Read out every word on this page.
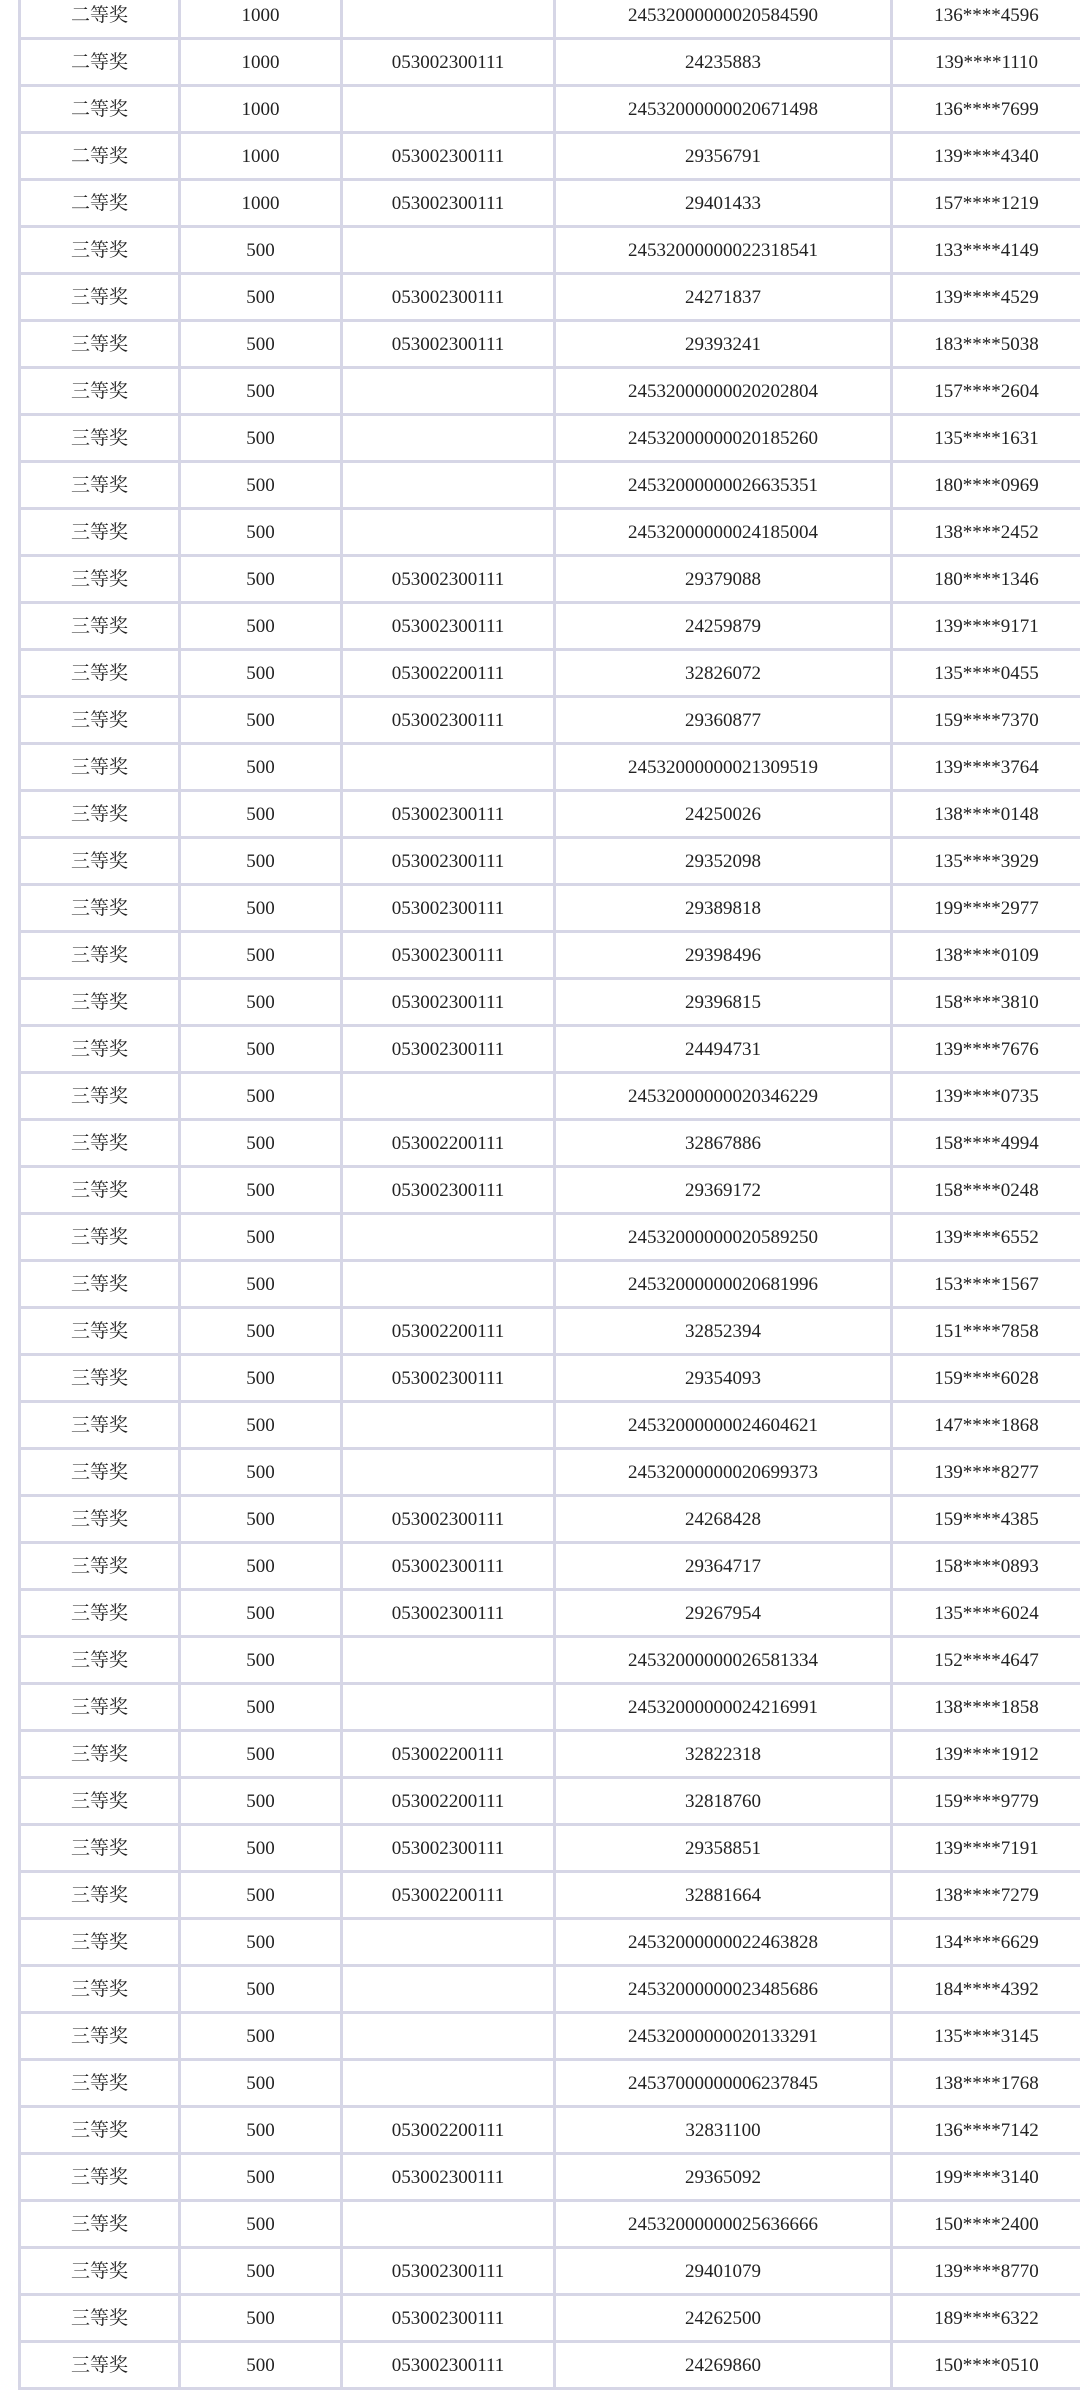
二等奖	1000		24532000000020584590	136****4596
二等奖	1000	053002300111	24235883	139****1110
二等奖	1000		24532000000020671498	136****7699
二等奖	1000	053002300111	29356791	139****4340
二等奖	1000	053002300111	29401433	157****1219
三等奖	500		24532000000022318541	133****4149
三等奖	500	053002300111	24271837	139****4529
三等奖	500	053002300111	29393241	183****5038
三等奖	500		24532000000020202804	157****2604
三等奖	500		24532000000020185260	135****1631
三等奖	500		24532000000026635351	180****0969
三等奖	500		24532000000024185004	138****2452
三等奖	500	053002300111	29379088	180****1346
三等奖	500	053002300111	24259879	139****9171
三等奖	500	053002200111	32826072	135****0455
三等奖	500	053002300111	29360877	159****7370
三等奖	500		24532000000021309519	139****3764
三等奖	500	053002300111	24250026	138****0148
三等奖	500	053002300111	29352098	135****3929
三等奖	500	053002300111	29389818	199****2977
三等奖	500	053002300111	29398496	138****0109
三等奖	500	053002300111	29396815	158****3810
三等奖	500	053002300111	24494731	139****7676
三等奖	500		24532000000020346229	139****0735
三等奖	500	053002200111	32867886	158****4994
三等奖	500	053002300111	29369172	158****0248
三等奖	500		24532000000020589250	139****6552
三等奖	500		24532000000020681996	153****1567
三等奖	500	053002200111	32852394	151****7858
三等奖	500	053002300111	29354093	159****6028
三等奖	500		24532000000024604621	147****1868
三等奖	500		24532000000020699373	139****8277
三等奖	500	053002300111	24268428	159****4385
三等奖	500	053002300111	29364717	158****0893
三等奖	500	053002300111	29267954	135****6024
三等奖	500		24532000000026581334	152****4647
三等奖	500		24532000000024216991	138****1858
三等奖	500	053002200111	32822318	139****1912
三等奖	500	053002200111	32818760	159****9779
三等奖	500	053002300111	29358851	139****7191
三等奖	500	053002200111	32881664	138****7279
三等奖	500		24532000000022463828	134****6629
三等奖	500		24532000000023485686	184****4392
三等奖	500		24532000000020133291	135****3145
三等奖	500		24537000000006237845	138****1768
三等奖	500	053002200111	32831100	136****7142
三等奖	500	053002300111	29365092	199****3140
三等奖	500		24532000000025636666	150****2400
三等奖	500	053002300111	29401079	139****8770
三等奖	500	053002300111	24262500	189****6322
三等奖	500	053002300111	24269860	150****0510
